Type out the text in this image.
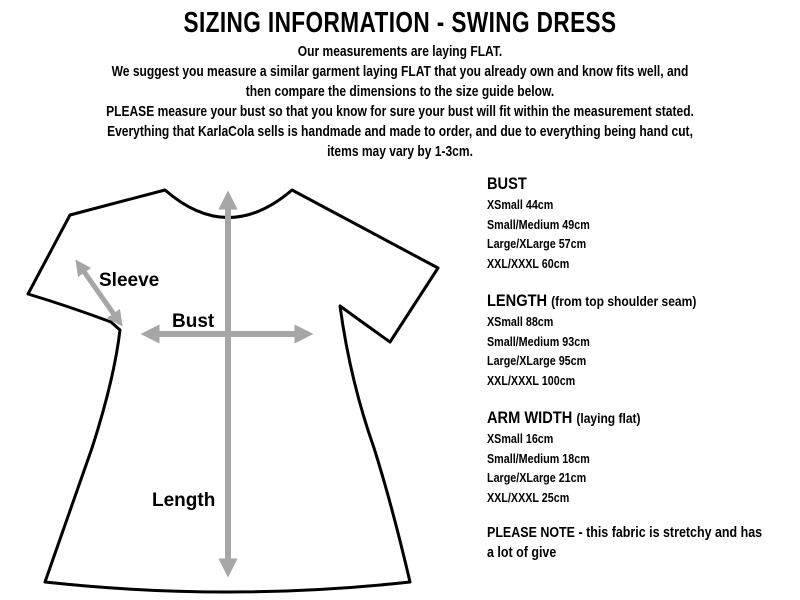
SIZING INFORMATION - SWING DRESS
Our measurements are laying FLAT.
We suggest you measure a similar garment laying FLAT that you already own and know fits well, and
then compare the dimensions to the size guide below.
PLEASE measure your bust so that you know for sure your bust will fit within the measurement stated.
Everything that KarlaCola sells is handmade and made to order, and due to everything being hand cut,
items may vary by 1-3cm.
Sleeve
Bust
Length
BUST
XSmall 44cm
Small/Medium 49cm
Large/XLarge 57cm
XXL/XXXL 60cm
LENGTH (from top shoulder seam)
XSmall 88cm
Small/Medium 93cm
Large/XLarge 95cm
XXL/XXXL 100cm
ARM WIDTH (laying flat)
XSmall 16cm
Small/Medium 18cm
Large/XLarge 21cm
XXL/XXXL 25cm
PLEASE NOTE - this fabric is stretchy and has a lot of give
